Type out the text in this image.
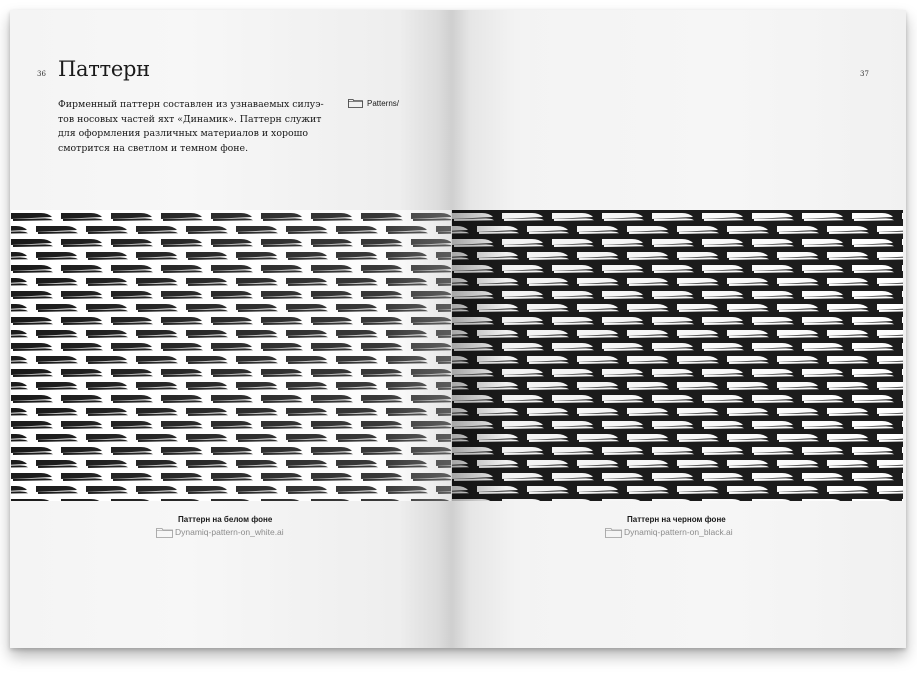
36 Паттерн
Фирменный паттерн составлен из узнаваемых силуэ-
тов носовых частей яхт «Динамик». Паттерн служит
для оформления различных материалов и хорошо
смотрится на светлом и темном фоне.
Patterns/
Паттерн на белом фоне
Dynamiq-pattern-on_white.ai
37
Паттерн на черном фоне
Dynamiq-pattern-on_black.ai
